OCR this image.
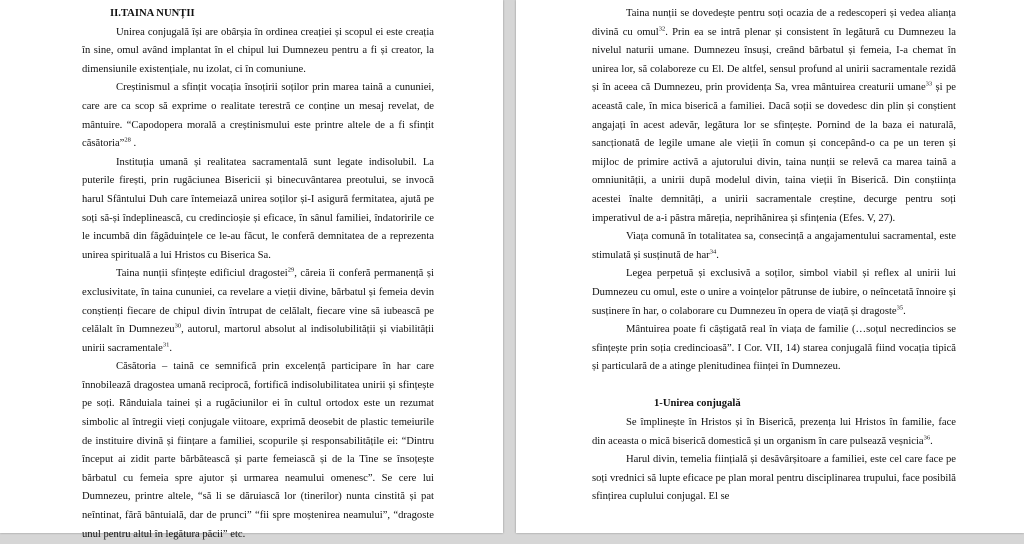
II.TAINA NUNȚII

Unirea conjugală își are obârșia în ordinea creației și scopul ei este creația în sine, omul având implantat în el chipul lui Dumnezeu pentru a fi și creator, la dimensiunile existențiale, nu izolat, ci în comuniune.

Creștinismul a sfințit vocația însoțirii soților prin marea taină a cununiei, care are ca scop să exprime o realitate terestră ce conține un mesaj revelat, de mântuire. “Capodopera morală a creștinismului este printre altele de a fi sfințit căsătoria”$^{28}$ .

Instituția umană și realitatea sacramentală sunt legate indisolubil. La puterile firești, prin rugăciunea Bisericii și binecuvântarea preotului, se invocă harul Sfântului Duh care întemeiază unirea soților și-I asigură fermitatea, ajută pe soți să-și îndeplinească, cu credincioșie și eficace, în sânul familiei, îndatoririle ce le incumbă din făgăduințele ce le-au făcut, le conferă demnitatea de a reprezenta unirea spirituală a lui Hristos cu Biserica Sa.

Taina nunții sfințește edificiul dragostei$^{29}$, căreia îi conferă permanență și exclusivitate, în taina cununiei, ca revelare a vieții divine, bărbatul și femeia devin conștienți fiecare de chipul divin întrupat de celălalt, fiecare vine să iubească pe celălalt în Dumnezeu$^{30}$, autorul, martorul absolut al indisolubilității și viabilității unirii sacramentale$^{31}$.

Căsătoria – taină ce semnifică prin excelență participare în har care înnobilează dragostea umană reciprocă, fortifică indisolubilitatea unirii și sfințește pe soți. Rânduiala tainei și a rugăciunilor ei în cultul ortodox este un rezumat simbolic al întregii vieți conjugale viitoare, exprimă deosebit de plastic temeiurile de instituire divină și ființare a familiei, scopurile și responsabilitățile ei: “Dintru început ai zidit parte bărbătească și parte femeiască și de la Tine se însoțește bărbatul cu femeia spre ajutor și urmarea neamului omenesc”. Se cere lui Dumnezeu, printre altele, “să li se dăruiască lor (tinerilor) nunta cinstită și pat neîntinat, fără bântuială, dar de prunci” “fii spre moștenirea neamului”, “dragoste unul pentru altul în legătura păcii” etc.

Taina nunții se dovedește pentru soți ocazia de a redescoperi și vedea alianța divină cu omul$^{32}$. Prin ea se intră plenar și consistent în legătură cu Dumnezeu la nivelul naturii umane. Dumnezeu însuși, creând bărbatul și femeia, I-a chemat în unirea lor, să colaboreze cu El. De altfel, sensul profund al unirii sacramentale rezidă și în aceea că Dumnezeu, prin providența Sa, vrea mântuirea creaturii umane$^{33}$ și pe această cale, în mica biserică a familiei. Dacă soții se dovedesc din plin și conștient angajați în acest adevăr, legătura lor se sfințește. Pornind de la baza ei naturală, sancționată de legile umane ale vieții în comun și concepând-o ca pe un teren și mijloc de primire activă a ajutorului divin, taina nunții se relevă ca marea taină a omniunității, a unirii după modelul divin, taina vieții în Biserică. Din conștiința acestei înalte demnități, a unirii sacramentale creștine, decurge pentru soți imperativul de a-i păstra măreția, neprihănirea și sfințenia (Efes. V, 27).

Viața comună în totalitatea sa, consecință a angajamentului sacramental, este stimulată și susținută de har$^{34}$.

Legea perpetuă și exclusivă a soților, simbol viabil și reflex al unirii lui Dumnezeu cu omul, este o unire a voințelor pătrunse de iubire, o neîncetată înnoire și susținere în har, o colaborare cu Dumnezeu în opera de viață și dragoste$^{35}$.

Mântuirea poate fi câștigată real în viața de familie (…soțul necredincios se sfințește prin soția credincioasă”. I Cor. VII, 14) starea conjugală fiind vocația tipică și particulară de a atinge plenitudinea ființei în Dumnezeu.

1-Unirea conjugală

Se împlinește în Hristos și în Biserică, prezența lui Hristos în familie, face din aceasta o mică biserică domestică și un organism în care pulsează veșnicia$^{36}$.

Harul divin, temelia ființială și desăvârșitoare a familiei, este cel care face pe soți vrednici să lupte eficace pe plan moral pentru disciplinarea trupului, face posibilă sfințirea cuplului conjugal. El se
